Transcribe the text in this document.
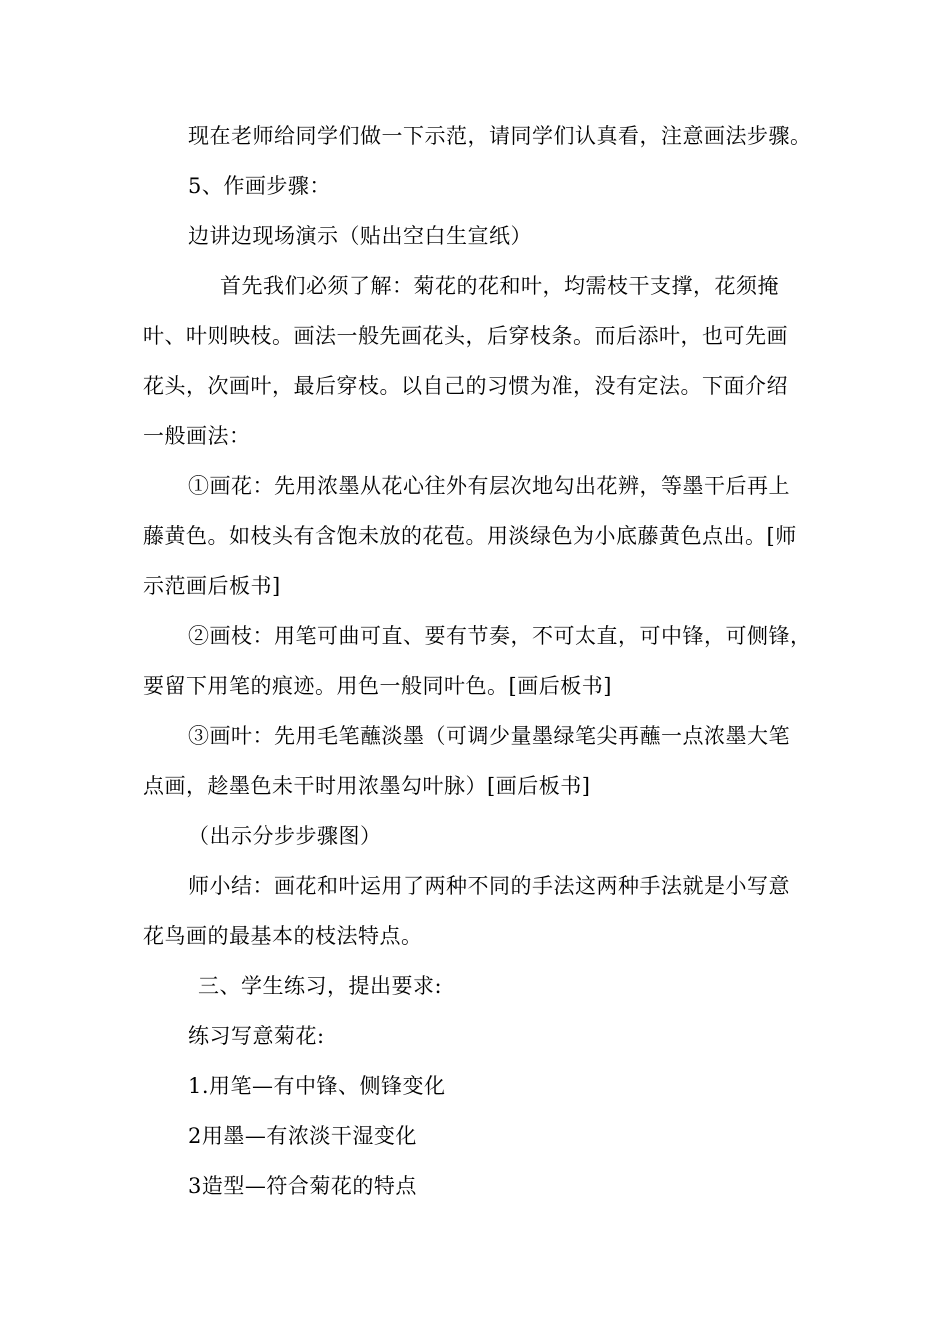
现在老师给同学们做一下示范，请同学们认真看，注意画法步骤。
5、作画步骤：
边讲边现场演示（贴出空白生宣纸）
首先我们必须了解：菊花的花和叶，均需枝干支撑，花须掩
叶、叶则映枝。画法一般先画花头，后穿枝条。而后添叶，也可先画
花头，次画叶，最后穿枝。以自己的习惯为准，没有定法。下面介绍
一般画法：
①画花：先用浓墨从花心往外有层次地勾出花辨，等墨干后再上
藤黄色。如枝头有含饱未放的花苞。用淡绿色为小底藤黄色点出。[师
示范画后板书]
②画枝：用笔可曲可直、要有节奏，不可太直，可中锋，可侧锋，
要留下用笔的痕迹。用色一般同叶色。[画后板书]
③画叶：先用毛笔蘸淡墨（可调少量墨绿笔尖再蘸一点浓墨大笔
点画，趁墨色未干时用浓墨勾叶脉）[画后板书]
（出示分步步骤图）
师小结：画花和叶运用了两种不同的手法这两种手法就是小写意
花鸟画的最基本的枝法特点。
三、学生练习，提出要求:
练习写意菊花:
1.用笔—有中锋、侧锋变化
2用墨—有浓淡干湿变化
3造型—符合菊花的特点
